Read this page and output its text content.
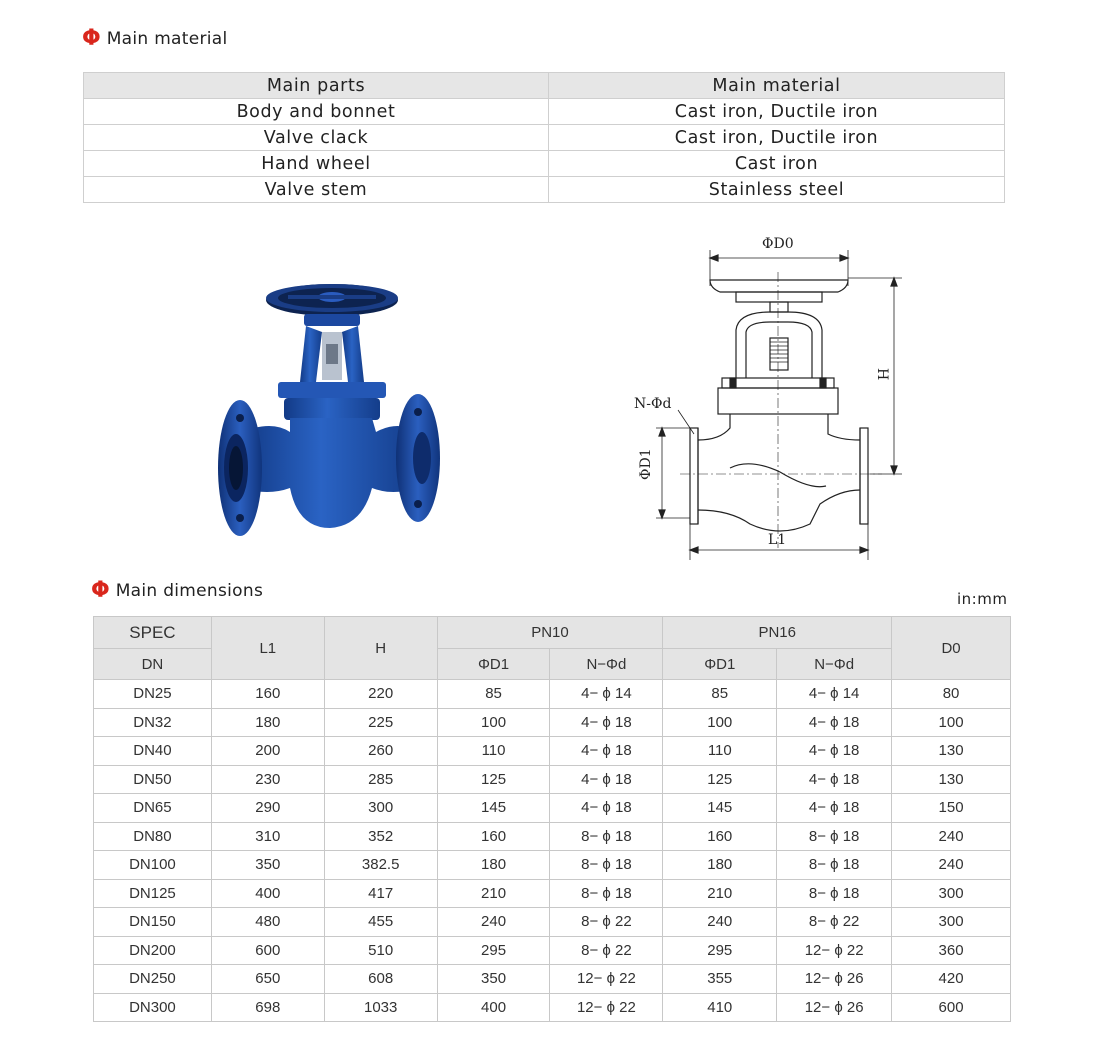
Φ Main material
Main parts	Main material
Body and bonnet	Cast iron, Ductile iron
Valve clack	Cast iron, Ductile iron
Hand wheel	Cast iron
Valve stem	Stainless steel
ΦD0
N-Φd
H
ΦD1
L1
Φ Main dimensions	in:mm
SPEC	L1	H	PN10		PN16		D0
DN			ΦD1	N−Φd	ΦD1	N−Φd	
DN25	160	220	85	4− ϕ 14	85	4− ϕ 14	80
DN32	180	225	100	4− ϕ 18	100	4− ϕ 18	100
DN40	200	260	110	4− ϕ 18	110	4− ϕ 18	130
DN50	230	285	125	4− ϕ 18	125	4− ϕ 18	130
DN65	290	300	145	4− ϕ 18	145	4− ϕ 18	150
DN80	310	352	160	8− ϕ 18	160	8− ϕ 18	240
DN100	350	382.5	180	8− ϕ 18	180	8− ϕ 18	240
DN125	400	417	210	8− ϕ 18	210	8− ϕ 18	300
DN150	480	455	240	8− ϕ 22	240	8− ϕ 22	300
DN200	600	510	295	8− ϕ 22	295	12− ϕ 22	360
DN250	650	608	350	12− ϕ 22	355	12− ϕ 26	420
DN300	698	1033	400	12− ϕ 22	410	12− ϕ 26	600
